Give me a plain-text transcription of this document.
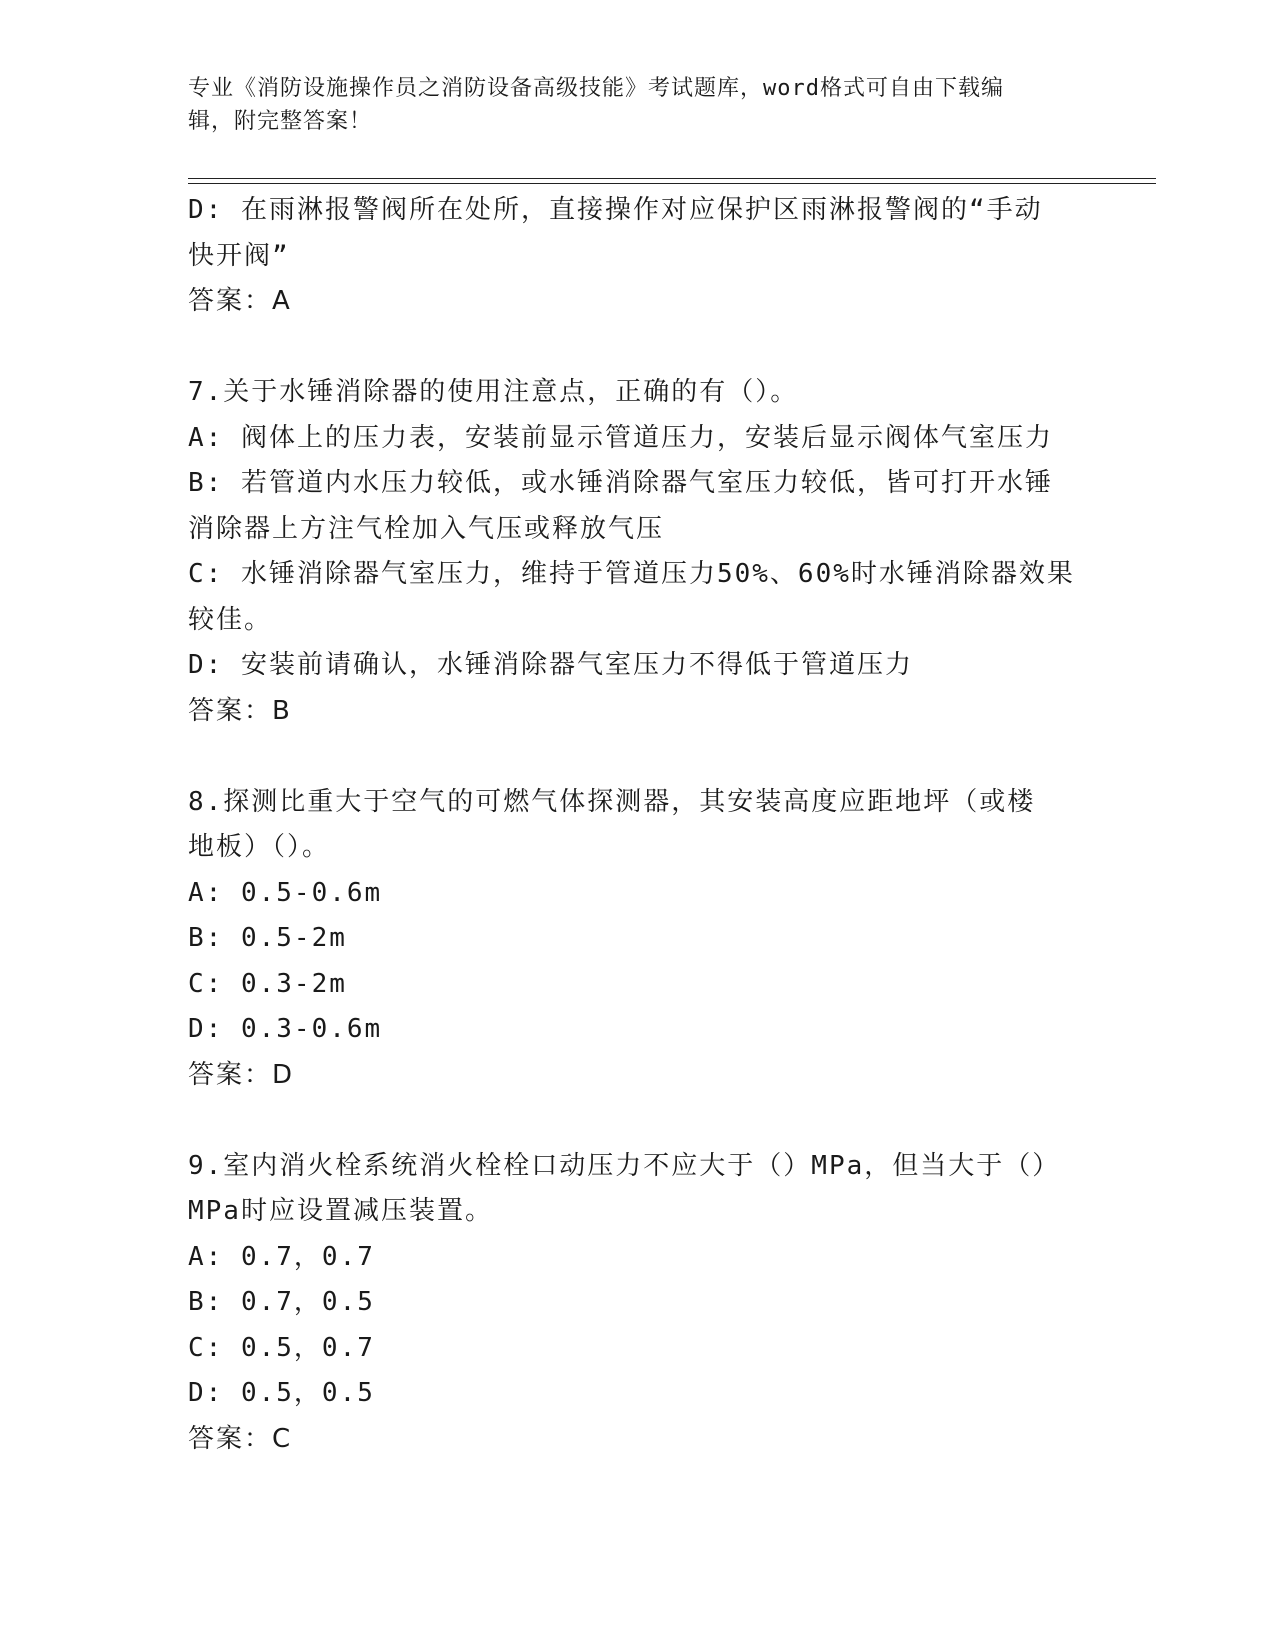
专业《消防设施操作员之消防设备高级技能》考试题库，word格式可自由下载编
辑，附完整答案！
D: 在雨淋报警阀所在处所，直接操作对应保护区雨淋报警阀的“手动
快开阀”
答案：A
7.关于水锤消除器的使用注意点，正确的有（）。
A: 阀体上的压力表，安装前显示管道压力，安装后显示阀体气室压力
B: 若管道内水压力较低，或水锤消除器气室压力较低，皆可打开水锤
消除器上方注气栓加入气压或释放气压
C: 水锤消除器气室压力，维持于管道压力50%、60%时水锤消除器效果
较佳。
D: 安装前请确认，水锤消除器气室压力不得低于管道压力
答案：B
8.探测比重大于空气的可燃气体探测器，其安装高度应距地坪（或楼
地板）（）。
A: 0.5-0.6m
B: 0.5-2m
C: 0.3-2m
D: 0.3-0.6m
答案：D
9.室内消火栓系统消火栓栓口动压力不应大于（）MPa，但当大于（）
MPa时应设置减压装置。
A: 0.7，0.7
B: 0.7，0.5
C: 0.5，0.7
D: 0.5，0.5
答案：C
